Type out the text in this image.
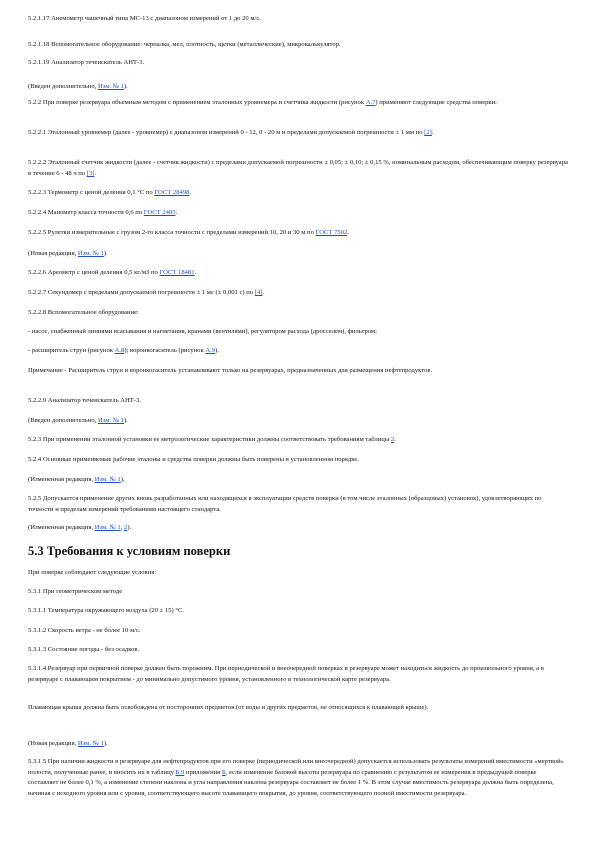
5.2.1.17 Анемометр чашечный типа МС-13 с диапазоном измерений от 1 до 20 м/с.

5.2.1.18 Вспомогательное оборудование: черпалка, мел, плотность, щетки (металлические), микрокалькулятор.

5.2.1.19 Анализатор течеискатель АНТ-3.

(Введен дополнительно, Изм. № 1).

5.2.2 При поверке резервуара объемным методом с применением эталонных уровнемера и счетчика жидкости (рисунок А.7) применяют следующие средства поверки:

5.2.2.1 Эталонный уровнемер (далее - уровнемер) с диапазоном измерений 0 - 12, 0 - 20 м и пределами допускаемой погрешности ± 1 мм по [2].

5.2.2.2 Эталонный счетчик жидкости (далее - счетчик жидкости) с пределами допускаемой погрешности ± 0,05; ± 0,10; ± 0,15 %, номинальным расходом, обеспечивающим поверку резервуара в течение 6 - 48 ч по [3].

5.2.2.3 Термометр с ценой деления 0,1 °С по ГОСТ 28498.

5.2.2.4 Манометр класса точности 0,6 по ГОСТ 2405.

5.2.2.5 Рулетки измерительные с грузом 2-го класса точности с пределами измерений 10, 20 и 30 м по ГОСТ 7502.

(Новая редакция, Изм. № 1).

5.2.2.6 Ареометр с ценой деления 0,5 кг/м3 по ГОСТ 18481.

5.2.2.7 Секундомер с пределами допускаемой погрешности ± 1 мс (± 0,001 с) по [4].

5.2.2.8 Вспомогательное оборудование:

- насос, снабженный линиями всасывания и нагнетания, кранами (вентилями), регулятором расхода (дросселем), фильтром;

- расширитель струи (рисунок А.8); воронкогаситель (рисунок А.9).

Примечание - Расширитель струи и воронкогаситель устанавливают только на резервуарах, предназначенных для размещения нефтепродуктов.

5.2.2.9 Анализатор течеискатель АНТ-3.

(Введен дополнительно, Изм. № 1).

5.2.3 При применении эталонной установки ее метрологические характеристики должны соответствовать требованиям таблицы 2.

5.2.4 Основные применяемые рабочие эталоны и средства поверки должны быть поверены в установленном порядке.

(Измененная редакция, Изм. № 1).

5.2.5 Допускается применение других вновь разработанных или находящихся в эксплуатации средств поверки (в том числе эталонных (образцовых) установок), удовлетворяющих по точности и пределам измерений требованиям настоящего стандарта.

(Измененная редакция, Изм. № 1, 2).

5.3 Требования к условиям поверки

При поверке соблюдают следующие условия:

5.3.1 При геометрическом методе

5.3.1.1 Температура окружающего воздуха (20 ± 15) °С.

5.3.1.2 Скорость ветра - не более 10 м/с.

5.3.1.3 Состояние погоды - без осадков.

5.3.1.4 Резервуар при первичной поверке должен быть порожним. При периодической и внеочередной поверках в резервуаре может находиться жидкость до произвольного уровня, а в резервуаре с плавающим покрытием - до минимально допустимого уровня, установленного в технологической карте резервуара.

Плавающая крыша должна быть освобождена от посторонних предметов (от воды и других предметов, не относящихся к плавающей крыше).

(Новая редакция, Изм. № 1).

5.3.1.5 При наличии жидкости в резервуаре для нефтепродуктов при его поверке (периодической или внеочередной) допускается использовать результаты измерений вместимости «мертвой» полости, полученные ранее, и вносить их в таблицу Б.9 приложения Б, если изменение базовой высоты резервуара по сравнению с результатом ее измерения в предыдущей поверке составляет не более 0,1 %, а изменение степени наклона и угла направления наклона резервуара составляет не более 1 %. В этом случае вместимость резервуара должна быть определена, начиная с исходного уровня или с уровня, соответствующего высоте плавающего покрытия, до уровня, соответствующего полной вместимости резервуара.
